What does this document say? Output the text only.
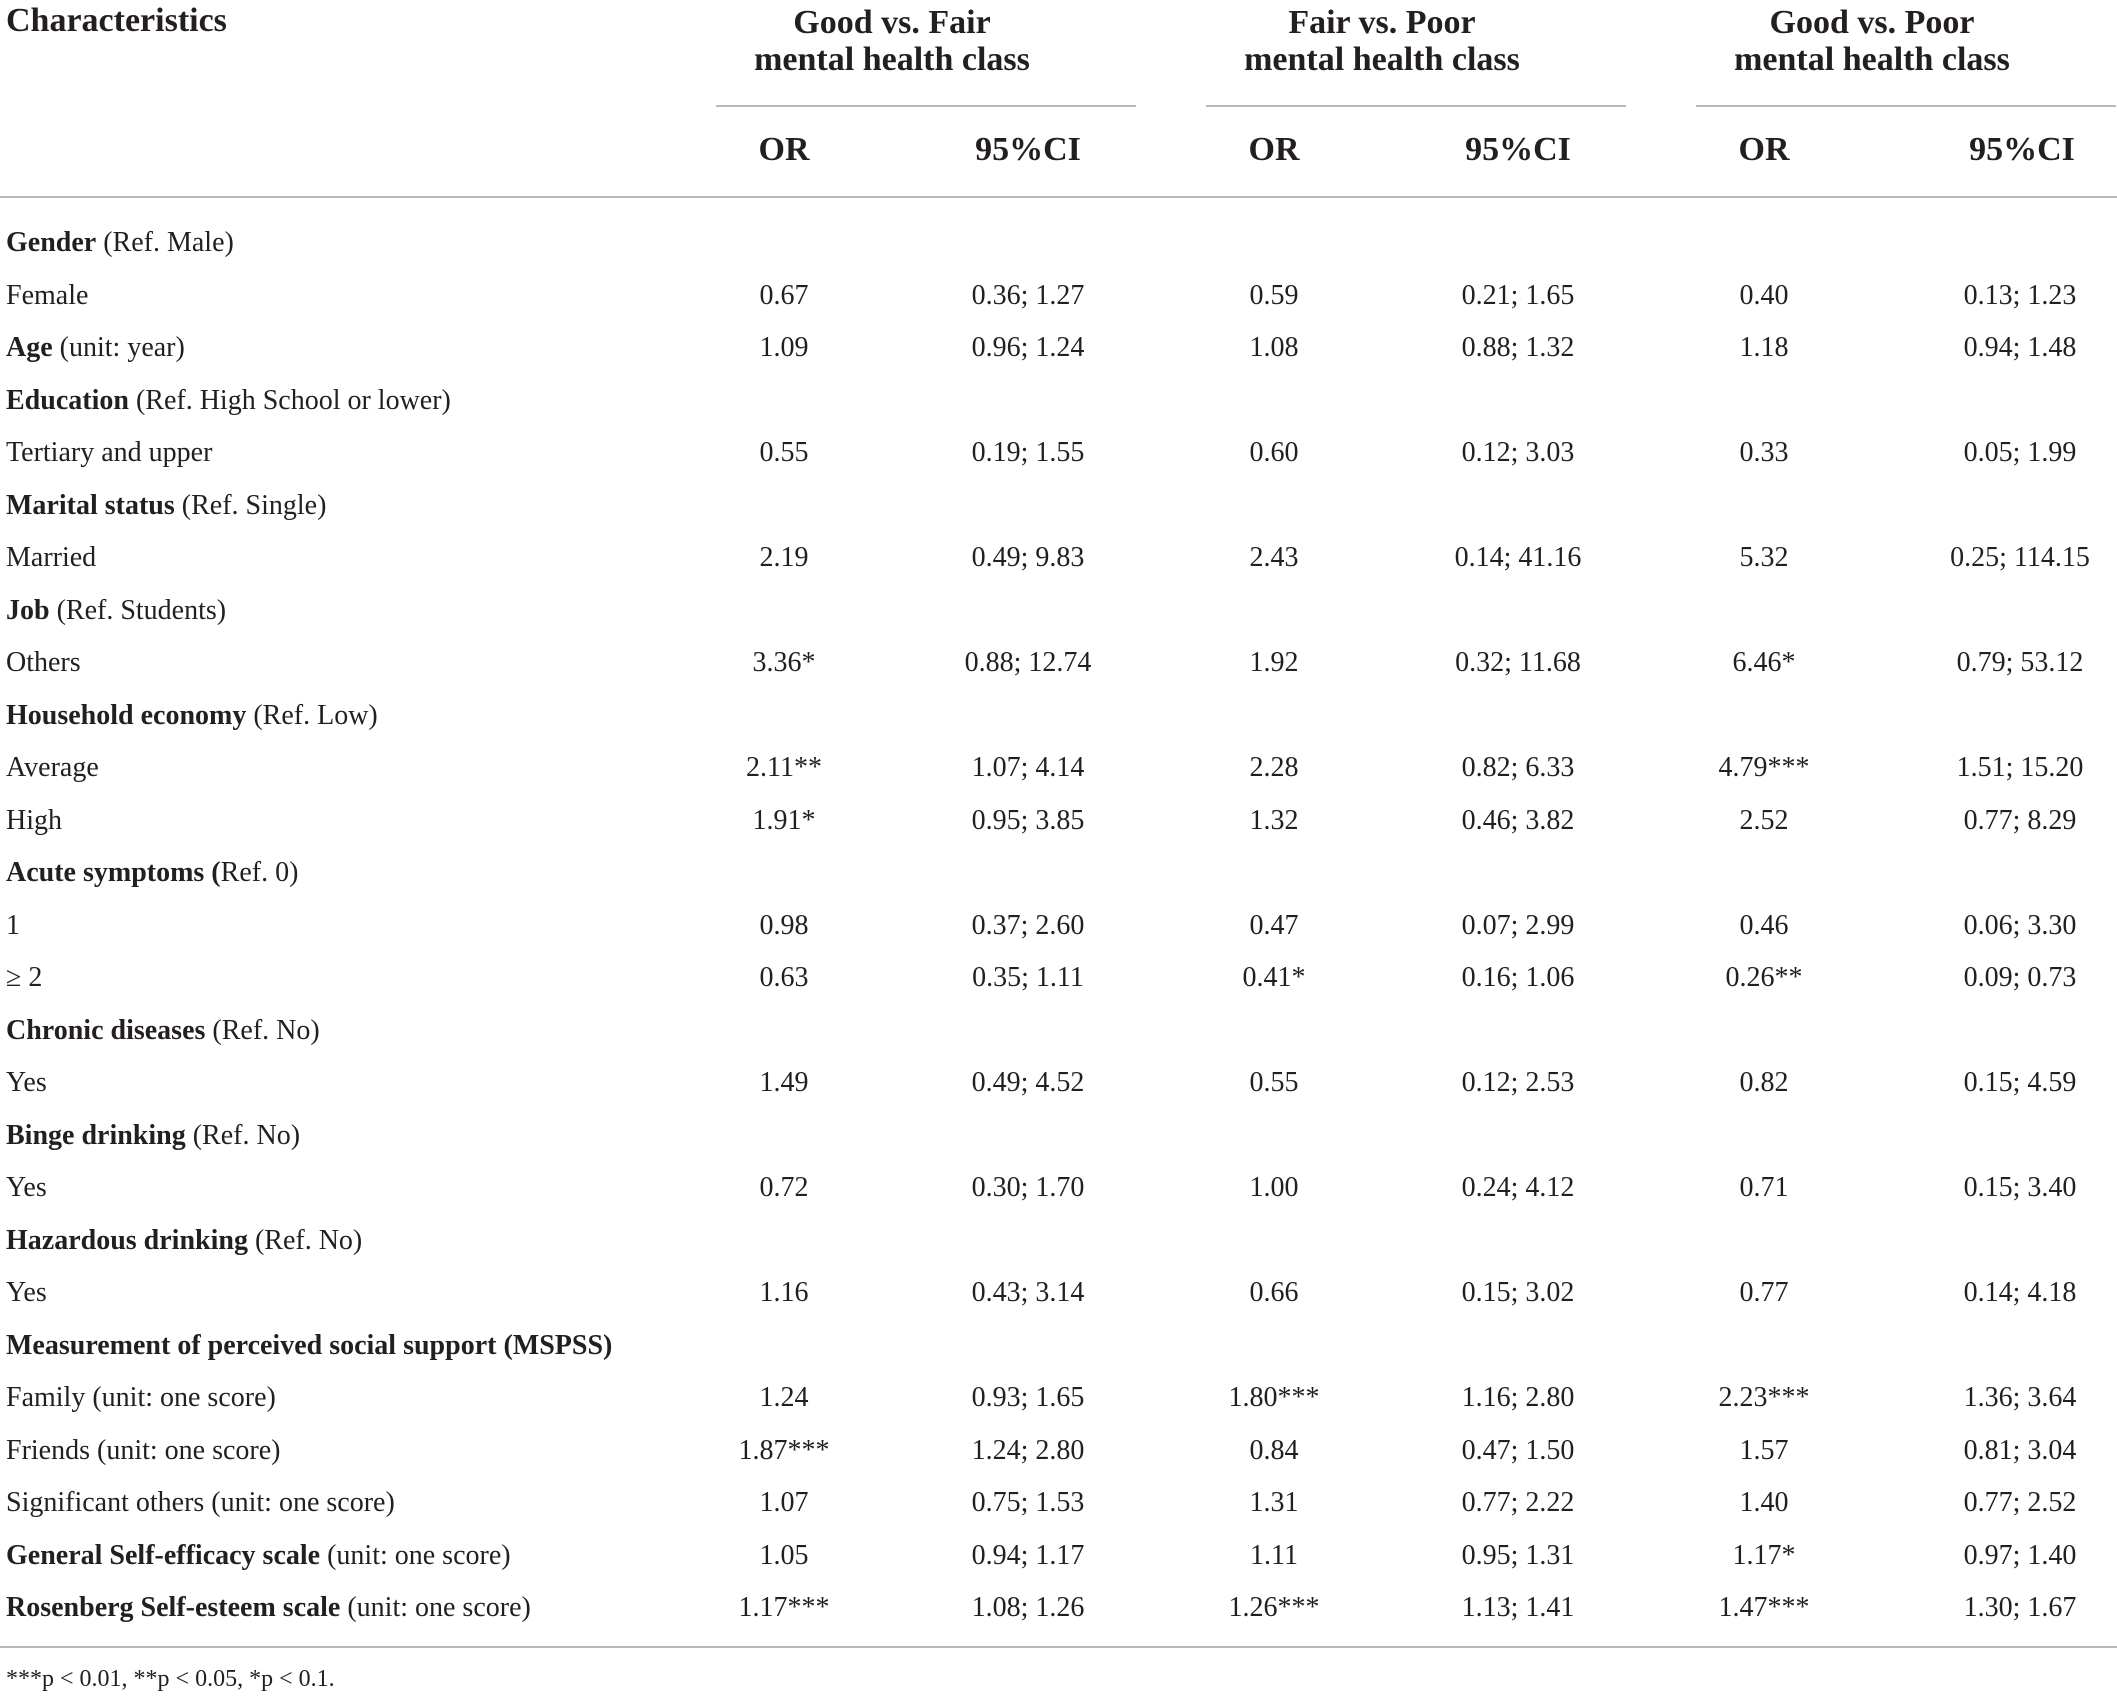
Characteristics	Good vs. Fair
mental health class
Fair vs. Poor
mental health class
Good vs. Poor
mental health class
OR	95%CI	OR	95%CI	OR	95%CI
Gender (Ref. Male)
Female	0.67	0.36; 1.27	0.59	0.21; 1.65	0.40	0.13; 1.23
Age (unit: year)	1.09	0.96; 1.24	1.08	0.88; 1.32	1.18	0.94; 1.48
Education (Ref. High School or lower)
Tertiary and upper	0.55	0.19; 1.55	0.60	0.12; 3.03	0.33	0.05; 1.99
Marital status (Ref. Single)
Married	2.19	0.49; 9.83	2.43	0.14; 41.16	5.32	0.25; 114.15
Job (Ref. Students)
Others	3.36*	0.88; 12.74	1.92	0.32; 11.68	6.46*	0.79; 53.12
Household economy (Ref. Low)
Average	2.11**	1.07; 4.14	2.28	0.82; 6.33	4.79***	1.51; 15.20
High	1.91*	0.95; 3.85	1.32	0.46; 3.82	2.52	0.77; 8.29
Acute symptoms (Ref. 0)
1	0.98	0.37; 2.60	0.47	0.07; 2.99	0.46	0.06; 3.30
≥ 2	0.63	0.35; 1.11	0.41*	0.16; 1.06	0.26**	0.09; 0.73
Chronic diseases (Ref. No)
Yes	1.49	0.49; 4.52	0.55	0.12; 2.53	0.82	0.15; 4.59
Binge drinking (Ref. No)
Yes	0.72	0.30; 1.70	1.00	0.24; 4.12	0.71	0.15; 3.40
Hazardous drinking (Ref. No)
Yes	1.16	0.43; 3.14	0.66	0.15; 3.02	0.77	0.14; 4.18
Measurement of perceived social support (MSPSS)
Family (unit: one score)	1.24	0.93; 1.65	1.80***	1.16; 2.80	2.23***	1.36; 3.64
Friends (unit: one score)	1.87***	1.24; 2.80	0.84	0.47; 1.50	1.57	0.81; 3.04
Significant others (unit: one score)	1.07	0.75; 1.53	1.31	0.77; 2.22	1.40	0.77; 2.52
General Self-efficacy scale (unit: one score)	1.05	0.94; 1.17	1.11	0.95; 1.31	1.17*	0.97; 1.40
Rosenberg Self-esteem scale (unit: one score)	1.17***	1.08; 1.26	1.26***	1.13; 1.41	1.47***	1.30; 1.67
***p < 0.01, **p < 0.05, *p < 0.1.
